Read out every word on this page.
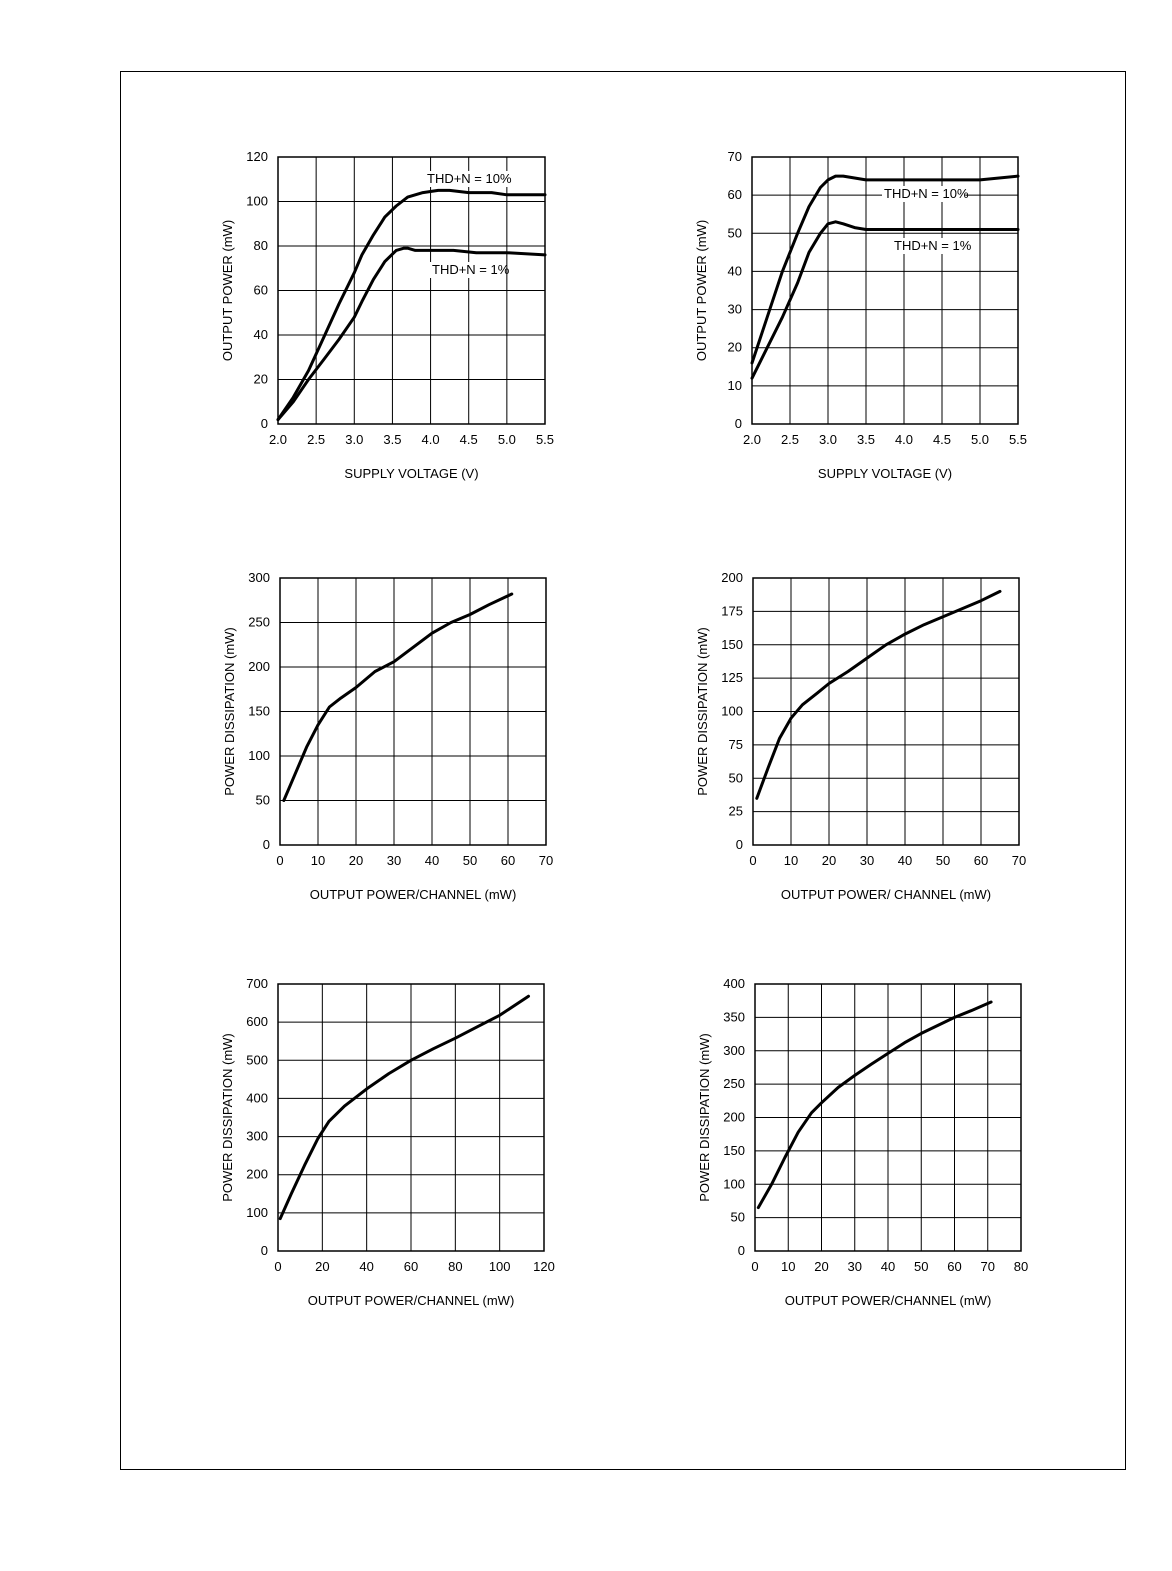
2.0 2.5 3.0 3.5 4.0 4.5 5.0 5.5
0
20
40
60
80
100
120
SUPPLY VOLTAGE (V)
OUTPUT POWER (mW)
THD+N = 10%
THD+N = 1%
2.0 2.5 3.0 3.5 4.0 4.5 5.0 5.5
0
10
20
30
40
50
60
70
SUPPLY VOLTAGE (V)
OUTPUT POWER (mW)
THD+N = 10%
THD+N = 1%
0 10 20 30 40 50 60 70
0
50
100
150
200
250
300
OUTPUT POWER/CHANNEL (mW)
POWER DISSIPATION (mW)
0 10 20 30 40 50 60 70
0
25
50
75
100
125
150
175
200
OUTPUT POWER/ CHANNEL (mW)
POWER DISSIPATION (mW)
0	20 40 60 80 100 120
0
100
200
300
400
500
600
700
OUTPUT POWER/CHANNEL (mW)
POWER DISSIPATION (mW)
0 10 20 30 40 50 60 70 80
0
50
100
150
200
250
300
350
400
OUTPUT POWER/CHANNEL (mW)
POWER DISSIPATION (mW)
